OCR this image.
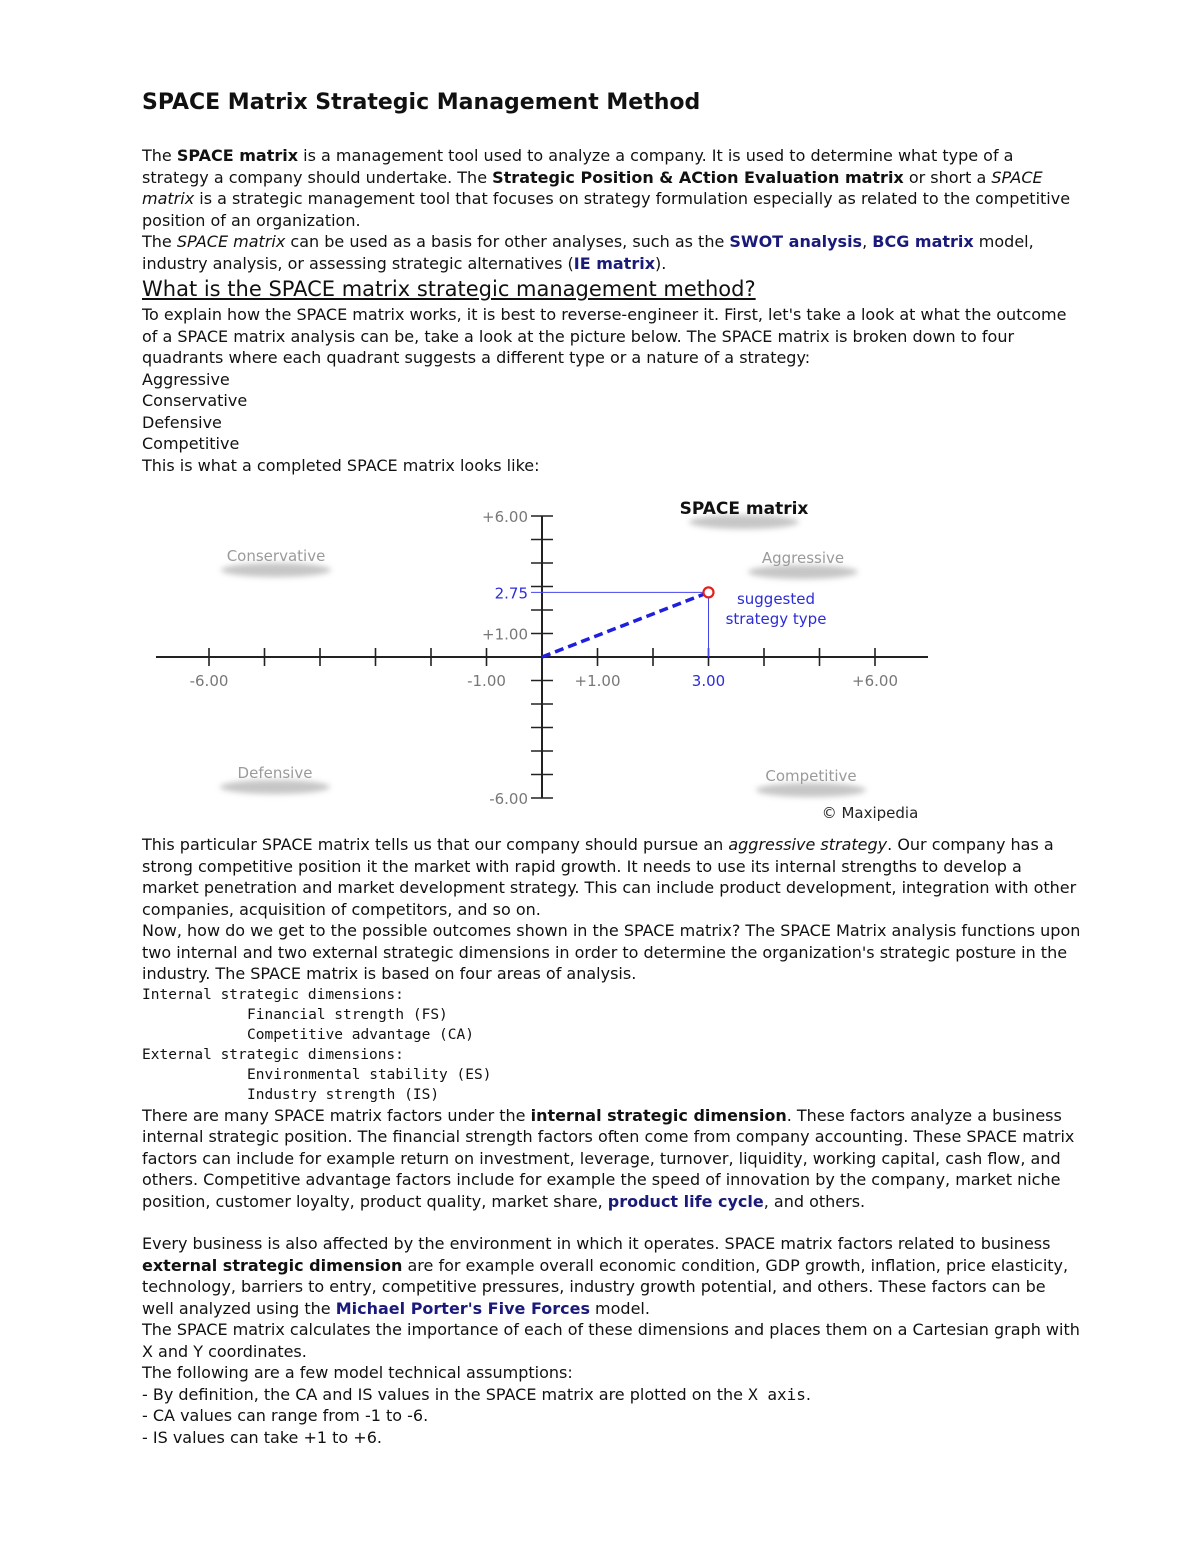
SPACE Matrix Strategic Management Method

The SPACE matrix is a management tool used to analyze a company. It is used to determine what type of a strategy a company should undertake. The Strategic Position & ACtion Evaluation matrix or short a SPACE matrix is a strategic management tool that focuses on strategy formulation especially as related to the competitive position of an organization.

The SPACE matrix can be used as a basis for other analyses, such as the SWOT analysis, BCG matrix model, industry analysis, or assessing strategic alternatives (IE matrix).

What is the SPACE matrix strategic management method?

To explain how the SPACE matrix works, it is best to reverse-engineer it. First, let's take a look at what the outcome of a SPACE matrix analysis can be, take a look at the picture below. The SPACE matrix is broken down to four quadrants where each quadrant suggests a different type or a nature of a strategy:

Aggressive

Conservative

Defensive

Competitive

This is what a completed SPACE matrix looks like:

SPACE matrix
Conservative	Aggressive
Defensive	Competitive
-6.00	-1.00	+1.00	3.00	+6.00
+6.00
2.75
+1.00
-6.00
suggested
strategy type
© Maxipedia

This particular SPACE matrix tells us that our company should pursue an aggressive strategy. Our company has a strong competitive position it the market with rapid growth. It needs to use its internal strengths to develop a market penetration and market development strategy. This can include product development, integration with other companies, acquisition of competitors, and so on.

Now, how do we get to the possible outcomes shown in the SPACE matrix? The SPACE Matrix analysis functions upon two internal and two external strategic dimensions in order to determine the organization's strategic posture in the industry. The SPACE matrix is based on four areas of analysis.

Internal strategic dimensions:
Financial strength (FS)
Competitive advantage (CA)
External strategic dimensions:
Environmental stability (ES)
Industry strength (IS)

There are many SPACE matrix factors under the internal strategic dimension. These factors analyze a business internal strategic position. The financial strength factors often come from company accounting. These SPACE matrix factors can include for example return on investment, leverage, turnover, liquidity, working capital, cash flow, and others. Competitive advantage factors include for example the speed of innovation by the company, market niche position, customer loyalty, product quality, market share, product life cycle, and others.

Every business is also affected by the environment in which it operates. SPACE matrix factors related to business external strategic dimension are for example overall economic condition, GDP growth, inflation, price elasticity, technology, barriers to entry, competitive pressures, industry growth potential, and others. These factors can be well analyzed using the Michael Porter's Five Forces model.

The SPACE matrix calculates the importance of each of these dimensions and places them on a Cartesian graph with X and Y coordinates.

The following are a few model technical assumptions:

- By definition, the CA and IS values in the SPACE matrix are plotted on the X axis.

- CA values can range from -1 to -6.

- IS values can take +1 to +6.
